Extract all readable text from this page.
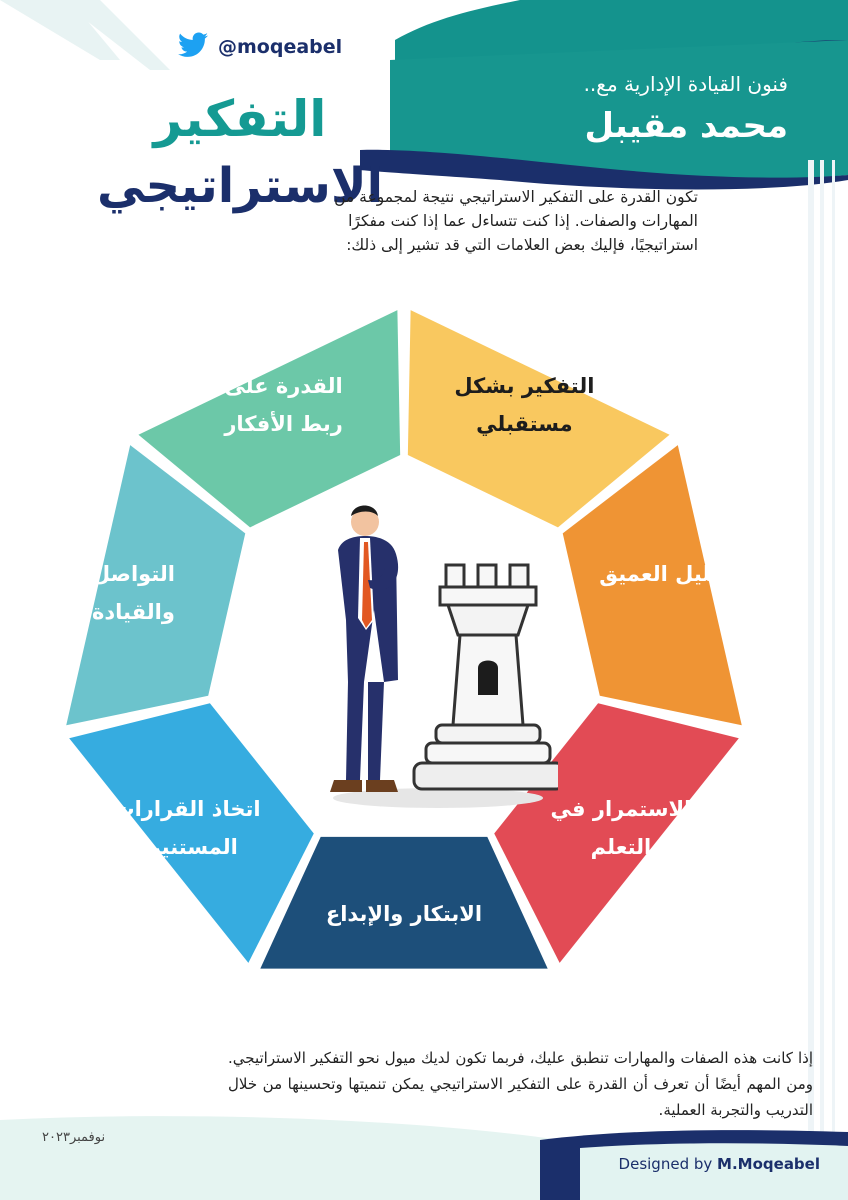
@moqeabel
فنون القيادة الإدارية مع..
محمد مقيبل
التفكير
الاستراتيجي
تكون القدرة على التفكير الاستراتيجي نتيجة لمجموعة من المهارات والصفات. إذا كنت تتساءل عما إذا كنت مفكرًا استراتيجيًا، فإليك بعض العلامات التي قد تشير إلى ذلك:
التفكير بشكل مستقبلي
التحليل العميق
الاستمرار في التعلم
الابتكار والإبداع
اتخاذ القرارات المستنيرة
التواصل والقيادة
القدرة على ربط الأفكار
إذا كانت هذه الصفات والمهارات تنطبق عليك، فربما تكون لديك ميول نحو التفكير الاستراتيجي. ومن المهم أيضًا أن تعرف أن القدرة على التفكير الاستراتيجي يمكن تنميتها وتحسينها من خلال التدريب والتجربة العملية.
نوفمبر٢٠٢٣
Designed by M.Moqeabel
